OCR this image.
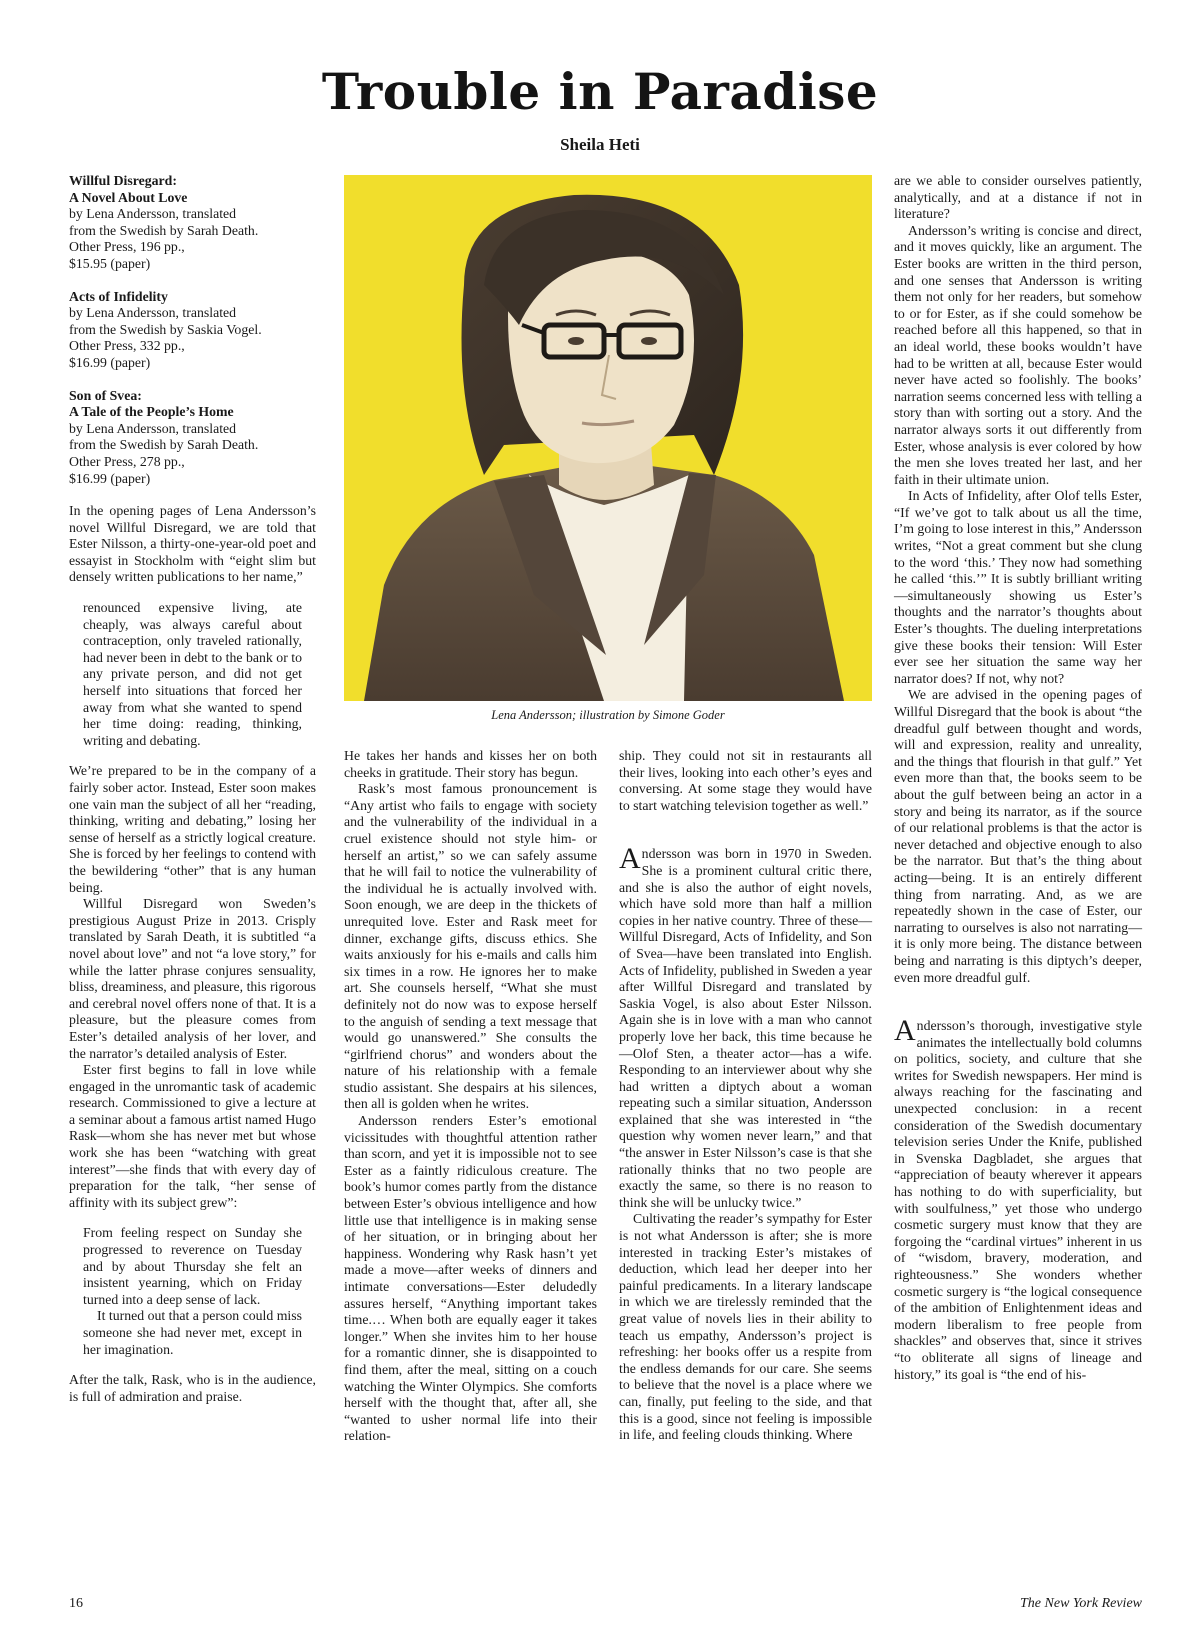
Trouble in Paradise
Sheila Heti
Willful Disregard:
A Novel About Love
by Lena Andersson, translated
from the Swedish by Sarah Death.
Other Press, 196 pp.,
$15.95 (paper)
Acts of Infidelity
by Lena Andersson, translated
from the Swedish by Saskia Vogel.
Other Press, 332 pp.,
$16.99 (paper)
Son of Svea:
A Tale of the People’s Home
by Lena Andersson, translated
from the Swedish by Sarah Death.
Other Press, 278 pp.,
$16.99 (paper)

In the opening pages of Lena Andersson’s novel Willful Disregard, we are told that Ester Nilsson, a thirty-one-year-old poet and essayist in Stockholm with “eight slim but densely written publications to her name,”

renounced expensive living, ate cheaply, was always careful about contraception, only traveled rationally, had never been in debt to the bank or to any private person, and did not get herself into situations that forced her away from what she wanted to spend her time doing: reading, thinking, writing and debating.

We’re prepared to be in the company of a fairly sober actor. Instead, Ester soon makes one vain man the subject of all her “reading, thinking, writing and debating,” losing her sense of herself as a strictly logical creature. She is forced by her feelings to contend with the bewildering “other” that is any human being.

Willful Disregard won Sweden’s prestigious August Prize in 2013. Crisply translated by Sarah Death, it is subtitled “a novel about love” and not “a love story,” for while the latter phrase conjures sensuality, bliss, dreaminess, and pleasure, this rigorous and cerebral novel offers none of that. It is a pleasure, but the pleasure comes from Ester’s detailed analysis of her lover, and the narrator’s detailed analysis of Ester.

Ester first begins to fall in love while engaged in the unromantic task of academic research. Commissioned to give a lecture at a seminar about a famous artist named Hugo Rask—whom she has never met but whose work she has been “watching with great interest”—she finds that with every day of preparation for the talk, “her sense of affinity with its subject grew”:

From feeling respect on Sunday she progressed to reverence on Tuesday and by about Thursday she felt an insistent yearning, which on Friday turned into a deep sense of lack.

It turned out that a person could miss someone she had never met, except in her imagination.

After the talk, Rask, who is in the audience, is full of admiration and praise.

Lena Andersson; illustration by Simone Goder

He takes her hands and kisses her on both cheeks in gratitude. Their story has begun.

Rask’s most famous pronouncement is “Any artist who fails to engage with society and the vulnerability of the individual in a cruel existence should not style him- or herself an artist,” so we can safely assume that he will fail to notice the vulnerability of the individual he is actually involved with. Soon enough, we are deep in the thickets of unrequited love. Ester and Rask meet for dinner, exchange gifts, discuss ethics. She waits anxiously for his e-mails and calls him six times in a row. He ignores her to make art. She counsels herself, “What she must definitely not do now was to expose herself to the anguish of sending a text message that would go unanswered.” She consults the “girlfriend chorus” and wonders about the nature of his relationship with a female studio assistant. She despairs at his silences, then all is golden when he writes.

Andersson renders Ester’s emotional vicissitudes with thoughtful attention rather than scorn, and yet it is impossible not to see Ester as a faintly ridiculous creature. The book’s humor comes partly from the distance between Ester’s obvious intelligence and how little use that intelligence is in making sense of her situation, or in bringing about her happiness. Wondering why Rask hasn’t yet made a move—after weeks of dinners and intimate conversations—Ester deludedly assures herself, “Anything important takes time.… When both are equally eager it takes longer.” When she invites him to her house for a romantic dinner, she is disappointed to find them, after the meal, sitting on a couch watching the Winter Olympics. She comforts herself with the thought that, after all, she “wanted to usher normal life into their relation-

ship. They could not sit in restaurants all their lives, looking into each other’s eyes and conversing. At some stage they would have to start watching television together as well.”

Andersson was born in 1970 in Sweden. She is a prominent cultural critic there, and she is also the author of eight novels, which have sold more than half a million copies in her native country. Three of these—Willful Disregard, Acts of Infidelity, and Son of Svea—have been translated into English. Acts of Infidelity, published in Sweden a year after Willful Disregard and translated by Saskia Vogel, is also about Ester Nilsson. Again she is in love with a man who cannot properly love her back, this time because he—Olof Sten, a theater actor—has a wife. Responding to an interviewer about why she had written a diptych about a woman repeating such a similar situation, Andersson explained that she was interested in “the question why women never learn,” and that “the answer in Ester Nilsson’s case is that she rationally thinks that no two people are exactly the same, so there is no reason to think she will be unlucky twice.”

Cultivating the reader’s sympathy for Ester is not what Andersson is after; she is more interested in tracking Ester’s mistakes of deduction, which lead her deeper into her painful predicaments. In a literary landscape in which we are tirelessly reminded that the great value of novels lies in their ability to teach us empathy, Andersson’s project is refreshing: her books offer us a respite from the endless demands for our care. She seems to believe that the novel is a place where we can, finally, put feeling to the side, and that this is a good, since not feeling is impossible in life, and feeling clouds thinking. Where

are we able to consider ourselves patiently, analytically, and at a distance if not in literature?

Andersson’s writing is concise and direct, and it moves quickly, like an argument. The Ester books are written in the third person, and one senses that Andersson is writing them not only for her readers, but somehow to or for Ester, as if she could somehow be reached before all this happened, so that in an ideal world, these books wouldn’t have had to be written at all, because Ester would never have acted so foolishly. The books’ narration seems concerned less with telling a story than with sorting out a story. And the narrator always sorts it out differently from Ester, whose analysis is ever colored by how the men she loves treated her last, and her faith in their ultimate union.

In Acts of Infidelity, after Olof tells Ester, “If we’ve got to talk about us all the time, I’m going to lose interest in this,” Andersson writes, “Not a great comment but she clung to the word ‘this.’ They now had something he called ‘this.’” It is subtly brilliant writing—simultaneously showing us Ester’s thoughts and the narrator’s thoughts about Ester’s thoughts. The dueling interpretations give these books their tension: Will Ester ever see her situation the same way her narrator does? If not, why not?

We are advised in the opening pages of Willful Disregard that the book is about “the dreadful gulf between thought and words, will and expression, reality and unreality, and the things that flourish in that gulf.” Yet even more than that, the books seem to be about the gulf between being an actor in a story and being its narrator, as if the source of our relational problems is that the actor is never detached and objective enough to also be the narrator. But that’s the thing about acting—being. It is an entirely different thing from narrating. And, as we are repeatedly shown in the case of Ester, our narrating to ourselves is also not narrating—it is only more being. The distance between being and narrating is this diptych’s deeper, even more dreadful gulf.

Andersson’s thorough, investigative style animates the intellectually bold columns on politics, society, and culture that she writes for Swedish newspapers. Her mind is always reaching for the fascinating and unexpected conclusion: in a recent consideration of the Swedish documentary television series Under the Knife, published in Svenska Dagbladet, she argues that “appreciation of beauty wherever it appears has nothing to do with superficiality, but with soulfulness,” yet those who undergo cosmetic surgery must know that they are forgoing the “cardinal virtues” inherent in us of “wisdom, bravery, moderation, and righteousness.” She wonders whether cosmetic surgery is “the logical consequence of the ambition of Enlightenment ideas and modern liberalism to free people from shackles” and observes that, since it strives “to obliterate all signs of lineage and history,” its goal is “the end of his-

16	The New York Review
